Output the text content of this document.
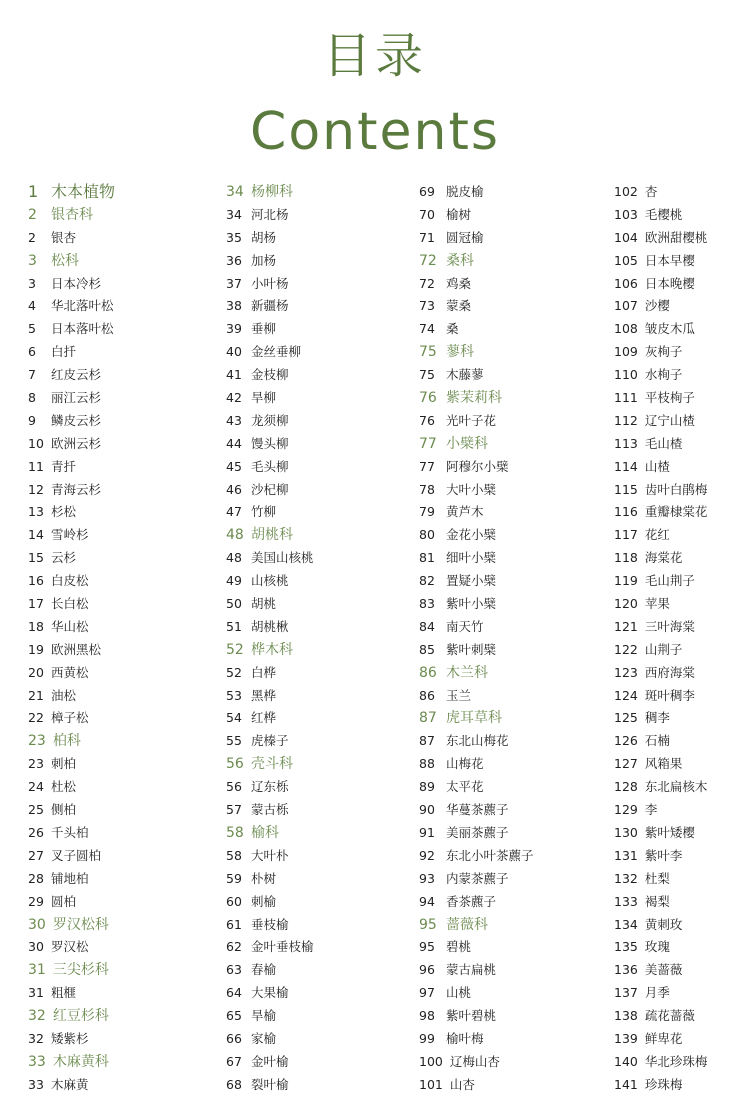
目录
Contents
1 木本植物
2 银杏科
2 银杏
3 松科
3 日本冷杉
4 华北落叶松
5 日本落叶松
6 白扦
7 红皮云杉
8 丽江云杉
9 鳞皮云杉
10 欧洲云杉
11 青扦
12 青海云杉
13 杉松
14 雪岭杉
15 云杉
16 白皮松
17 长白松
18 华山松
19 欧洲黑松
20 西黄松
21 油松
22 樟子松
23 柏科
23 刺柏
24 杜松
25 侧柏
26 千头柏
27 叉子圆柏
28 铺地柏
29 圆柏
30 罗汉松科
30 罗汉松
31 三尖杉科
31 粗榧
32 红豆杉科
32 矮紫杉
33 木麻黄科
33 木麻黄
34 杨柳科
34 河北杨
35 胡杨
36 加杨
37 小叶杨
38 新疆杨
39 垂柳
40 金丝垂柳
41 金枝柳
42 旱柳
43 龙须柳
44 馒头柳
45 毛头柳
46 沙杞柳
47 竹柳
48 胡桃科
48 美国山核桃
49 山核桃
50 胡桃
51 胡桃楸
52 桦木科
52 白桦
53 黑桦
54 红桦
55 虎榛子
56 壳斗科
56 辽东栎
57 蒙古栎
58 榆科
58 大叶朴
59 朴树
60 刺榆
61 垂枝榆
62 金叶垂枝榆
63 春榆
64 大果榆
65 旱榆
66 家榆
67 金叶榆
68 裂叶榆
69 脱皮榆
70 榆树
71 圆冠榆
72 桑科
72 鸡桑
73 蒙桑
74 桑
75 蓼科
75 木藤蓼
76 紫茉莉科
76 光叶子花
77 小檗科
77 阿穆尔小檗
78 大叶小檗
79 黄芦木
80 金花小檗
81 细叶小檗
82 置疑小檗
83 紫叶小檗
84 南天竹
85 紫叶刺檗
86 木兰科
86 玉兰
87 虎耳草科
87 东北山梅花
88 山梅花
89 太平花
90 华蔓茶藨子
91 美丽茶藨子
92 东北小叶茶藨子
93 内蒙茶藨子
94 香茶藨子
95 蔷薇科
95 碧桃
96 蒙古扁桃
97 山桃
98 紫叶碧桃
99 榆叶梅
100 辽梅山杏
101 山杏
102 杏
103 毛樱桃
104 欧洲甜樱桃
105 日本早樱
106 日本晚樱
107 沙樱
108 皱皮木瓜
109 灰栒子
110 水栒子
111 平枝栒子
112 辽宁山楂
113 毛山楂
114 山楂
115 齿叶白鹃梅
116 重瓣棣棠花
117 花红
118 海棠花
119 毛山荆子
120 苹果
121 三叶海棠
122 山荆子
123 西府海棠
124 斑叶稠李
125 稠李
126 石楠
127 风箱果
128 东北扁核木
129 李
130 紫叶矮樱
131 紫叶李
132 杜梨
133 褐梨
134 黄刺玫
135 玫瑰
136 美蔷薇
137 月季
138 疏花蔷薇
139 鲜卑花
140 华北珍珠梅
141 珍珠梅
